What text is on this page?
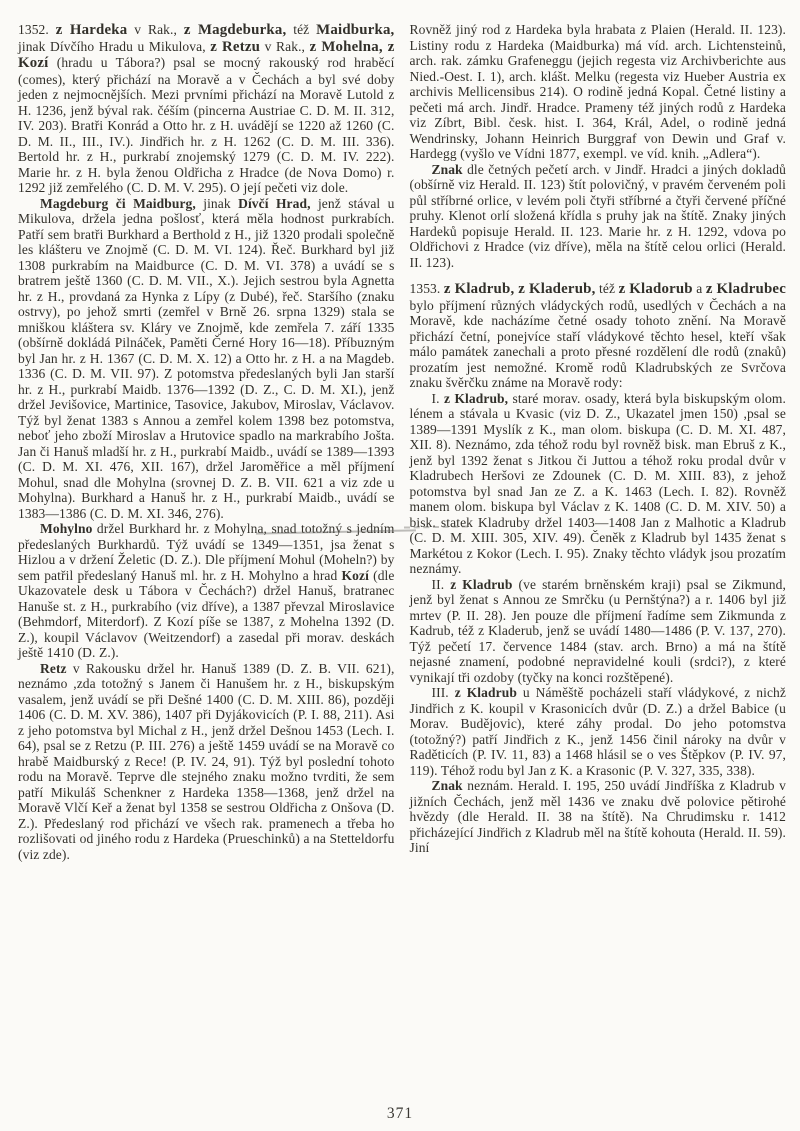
1352. z Hardeka v Rak., z Magdeburka, též Maidburka, jinak Dívčího Hradu u Mikulova, z Retzu v Rak., z Mohelna, z Kozí (hradu u Tábora?) psal se mocný rakouský rod hraběcí (comes), který přichází na Moravě a v Čechách a byl své doby jeden z nejmocnějších. Mezi prvními přichází na Moravě Lutold z H. 1236, jenž býval rak. čéším (pincerna Austriae C. D. M. II. 312, IV. 203). Bratři Konrád a Otto hr. z H. uvádějí se 1220 až 1260 (C. D. M. II., III., IV.). Jindřich hr. z H. 1262 (C. D. M. III. 336). Bertold hr. z H., purkrabí znojemský 1279 (C. D. M. IV. 222). Marie hr. z H. byla ženou Oldřicha z Hradce (de Nova Domo) r. 1292 již zemřelého (C. D. M. V. 295). O její pečeti viz dole.

Magdeburg či Maidburg, jinak Dívčí Hrad, jenž stával u Mikulova, držela jedna pošlosť, která měla hodnost purkrabích. Patří sem bratři Burkhard a Berthold z H., již 1320 prodali společně les klášteru ve Znojmě (C. D. M. VI. 124). Řeč. Burkhard byl již 1308 purkrabím na Maidburce (C. D. M. VI. 378) a uvádí se s bratrem ještě 1360 (C. D. M. VII., X.). Jejich sestrou byla Agnetta hr. z H., provdaná za Hynka z Lípy (z Dubé), řeč. Staršího (znaku ostrvy), po jehož smrti (zemřel v Brně 26. srpna 1329) stala se mniškou kláštera sv. Kláry ve Znojmě, kde zemřela 7. září 1335 (obšírně dokládá Pilnáček, Paměti Černé Hory 16—18). Příbuzným byl Jan hr. z H. 1367 (C. D. M. X. 12) a Otto hr. z H. a na Magdeb. 1336 (C. D. M. VII. 97). Z potomstva předeslaných byli Jan starší hr. z H., purkrabí Maidb. 1376—1392 (D. Z., C. D. M. XI.), jenž držel Jevišovice, Martinice, Tasovice, Jakubov, Miroslav, Václavov. Týž byl ženat 1383 s Annou a zemřel kolem 1398 bez potomstva, neboť jeho zboží Miroslav a Hrutovice spadlo na markrabího Jošta. Jan či Hanuš mladší hr. z H., purkrabí Maidb., uvádí se 1389—1393 (C. D. M. XI. 476, XII. 167), držel Jaroměřice a měl příjmení Mohul, snad dle Mohylna (srovnej D. Z. B. VII. 621 a viz zde u Mohylna). Burkhard a Hanuš hr. z H., purkrabí Maidb., uvádí se 1383—1386 (C. D. M. XI. 346, 276).

Mohylno držel Burkhard hr. z Mohylna, snad totožný s jedním předeslaných Burkhardů. Týž uvádí se 1349—1351, jsa ženat s Hizlou a v držení Želetic (D. Z.). Dle příjmení Mohul (Moheln?) by sem patřil předeslaný Hanuš ml. hr. z H. Mohylno a hrad Kozí (dle Ukazovatele desk u Tábora v Čechách?) držel Hanuš, bratranec Hanuše st. z H., purkrabího (viz dříve), a 1387 převzal Miroslavice (Behmdorf, Miterdorf). Z Kozí píše se 1387, z Mohelna 1392 (D. Z.), koupil Václavov (Weitzendorf) a zasedal při morav. deskách ještě 1410 (D. Z.).

Retz v Rakousku držel hr. Hanuš 1389 (D. Z. B. VII. 621), neznámo ,zda totožný s Janem či Hanušem hr. z H., biskupským vasalem, jenž uvádí se při Dešné 1400 (C. D. M. XIII. 86), později 1406 (C. D. M. XV. 386), 1407 při Dyjákovicích (P. I. 88, 211). Asi z jeho potomstva byl Michal z H., jenž držel Dešnou 1453 (Lech. I. 64), psal se z Retzu (P. III. 276) a ještě 1459 uvádí se na Moravě co hrabě Maidburský z Rece! (P. IV. 24, 91). Týž byl poslední tohoto rodu na Moravě. Teprve dle stejného znaku možno tvrditi, že sem patří Mikuláš Schenkner z Hardeka 1358—1368, jenž držel na Moravě Vlčí Keř a ženat byl 1358 se sestrou Oldřicha z Onšova (D. Z.). Předeslaný rod přichází ve všech rak. pramenech a třeba ho rozlišovati od jiného rodu z Hardeka (Prueschinků) a na Stetteldorfu (viz zde).

Rovněž jiný rod z Hardeka byla hrabata z Plaien (Herald. II. 123). Listiny rodu z Hardeka (Maidburka) má víd. arch. Lichtensteinů, arch. rak. zámku Grafeneggu (jejich regesta viz Archivberichte aus Nied.-Oest. I. 1), arch. klášt. Melku (regesta viz Hueber Austria ex archivis Mellicensibus 214). O rodině jedná Kopal. Četné listiny a pečeti má arch. Jindř. Hradce. Prameny též jiných rodů z Hardeka viz Zíbrt, Bibl. česk. hist. I. 364, Král, Adel, o rodině jedná Wendrinsky, Johann Heinrich Burggraf von Dewin und Graf v. Hardegg (vyšlo ve Vídni 1877, exempl. ve víd. knih. „Adlera“).

Znak dle četných pečetí arch. v Jindř. Hradci a jiných dokladů (obšírně viz Herald. II. 123) štít polovičný, v pravém červeném poli půl stříbrné orlice, v levém poli čtyři stříbrné a čtyři červené příčné pruhy. Klenot orlí složená křídla s pruhy jak na štítě. Znaky jiných Hardeků popisuje Herald. II. 123. Marie hr. z H. 1292, vdova po Oldřichovi z Hradce (viz dříve), měla na štítě celou orlici (Herald. II. 123).

1353. z Kladrub, z Kladerub, též z Kladorub a z Kladrubec bylo příjmení různých vládyckých rodů, usedlých v Čechách a na Moravě, kde nacházíme četné osady tohoto znění. Na Moravě přichází četní, ponejvíce staří vládykové těchto hesel, kteří však málo památek zanechali a proto přesné rozdělení dle rodů (znaků) prozatím jest nemožné. Kromě rodů Kladrubských ze Svrčova znaku švěrčku známe na Moravě rody:

I. z Kladrub, staré morav. osady, která byla biskupským olom. lénem a stávala u Kvasic (viz D. Z., Ukazatel jmen 150) ,psal se 1389—1391 Myslík z K., man olom. biskupa (C. D. M. XI. 487, XII. 8). Neznámo, zda téhož rodu byl rovněž bisk. man Ebruš z K., jenž byl 1392 ženat s Jitkou či Juttou a téhož roku prodal dvůr v Kladrubech Heršovi ze Zdounek (C. D. M. XIII. 83), z jehož potomstva byl snad Jan ze Z. a K. 1463 (Lech. I. 82). Rovněž manem olom. biskupa byl Václav z K. 1408 (C. D. M. XIV. 50) a bisk. statek Kladruby držel 1403—1408 Jan z Malhotic a Kladrub (C. D. M. XIII. 305, XIV. 49). Čeněk z Kladrub byl 1435 ženat s Markétou z Kokor (Lech. I. 95). Znaky těchto vládyk jsou prozatím neznámy.

II. z Kladrub (ve starém brněnském kraji) psal se Zikmund, jenž byl ženat s Annou ze Smrčku (u Pernštýna?) a r. 1406 byl již mrtev (P. II. 28). Jen pouze dle příjmení řadíme sem Zikmunda z Kadrub, též z Kladerub, jenž se uvádí 1480—1486 (P. V. 137, 270). Týž pečetí 17. července 1484 (stav. arch. Brno) a má na štítě nejasné znamení, podobné nepravidelné kouli (srdci?), z které vynikají tři ozdoby (tyčky na konci rozštěpené).

III. z Kladrub u Náměště pocházeli staří vládykové, z nichž Jindřich z K. koupil v Krasonicích dvůr (D. Z.) a držel Babice (u Morav. Budějovic), které záhy prodal. Do jeho potomstva (totožný?) patří Jindřich z K., jenž 1456 činil nároky na dvůr v Raděticích (P. IV. 11, 83) a 1468 hlásil se o ves Štěpkov (P. IV. 97, 119). Téhož rodu byl Jan z K. a Krasonic (P. V. 327, 335, 338).

Znak neznám. Herald. I. 195, 250 uvádí Jindříška z Kladrub v jižních Čechách, jenž měl 1436 ve znaku dvě polovice pětirohé hvězdy (dle Herald. II. 38 na štítě). Na Chrudimsku r. 1412 přicházející Jindřich z Kladrub měl na štítě kohouta (Herald. II. 59). Jiní

371
